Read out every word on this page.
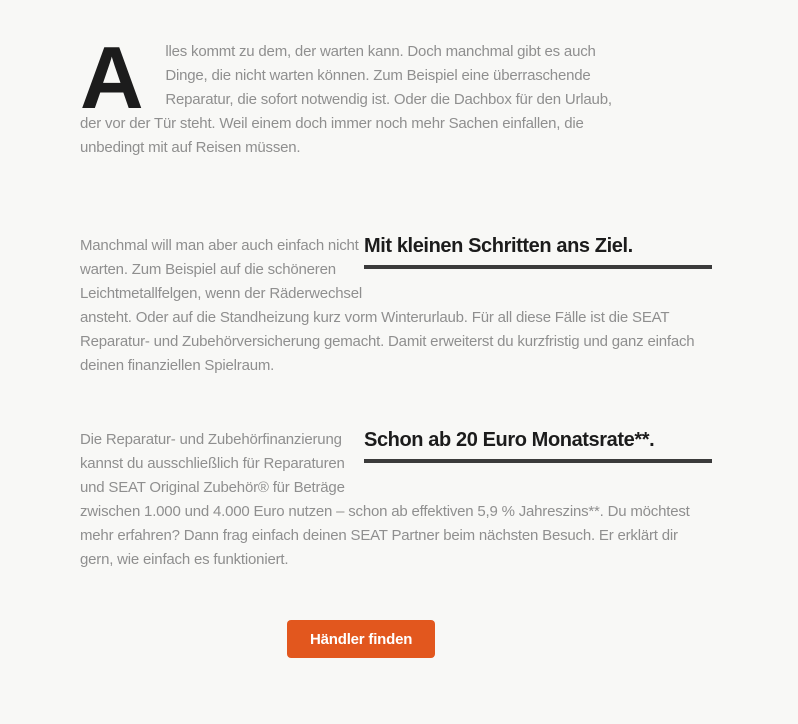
A lles kommt zu dem, der warten kann. Doch manchmal gibt es auch Dinge, die nicht warten können. Zum Beispiel eine überraschende Reparatur, die sofort notwendig ist. Oder die Dachbox für den Urlaub, der vor der Tür steht. Weil einem doch immer noch mehr Sachen einfallen, die unbedingt mit auf Reisen müssen.

Mit kleinen Schritten ans Ziel.

Manchmal will man aber auch einfach nicht warten. Zum Beispiel auf die schöneren Leichtmetallfelgen, wenn der Räderwechsel ansteht. Oder auf die Standheizung kurz vorm Winterurlaub. Für all diese Fälle ist die SEAT Reparatur- und Zubehörversicherung gemacht. Damit erweiterst du kurzfristig und ganz einfach deinen finanziellen Spielraum.

Schon ab 20 Euro Monatsrate**.

Die Reparatur- und Zubehörfinanzierung kannst du ausschließlich für Reparaturen und SEAT Original Zubehör® für Beträge zwischen 1.000 und 4.000 Euro nutzen – schon ab effektiven 5,9 % Jahreszins**. Du möchtest mehr erfahren? Dann frag einfach deinen SEAT Partner beim nächsten Besuch. Er erklärt dir gern, wie einfach es funktioniert.

Händler finden
